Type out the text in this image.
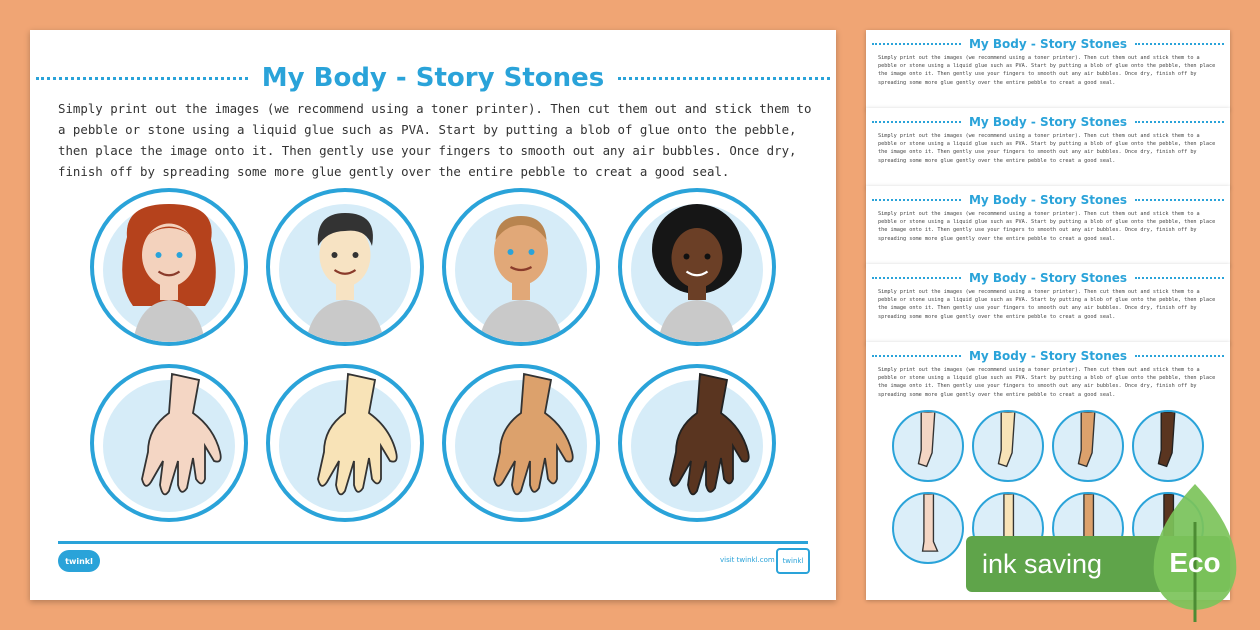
My Body - Story Stones
Simply print out the images (we recommend using a toner printer). Then cut them out and stick them to a pebble or stone using a liquid glue such as PVA. Start by putting a blob of glue onto the pebble, then place the image onto it. Then gently use your fingers to smooth out any air bubbles. Once dry, finish off by spreading some more glue gently over the entire pebble to creat a good seal.
twinkl	visit twinkl.com	twinkl
My Body - Story Stones
Simply print out the images (we recommend using a toner printer). Then cut them out and stick them to a pebble or stone using a liquid glue such as PVA. Start by putting a blob of glue onto the pebble, then place the image onto it. Then gently use your fingers to smooth out any air bubbles. Once dry, finish off by spreading some more glue gently over the entire pebble to creat a good seal.
My Body - Story Stones
Simply print out the images (we recommend using a toner printer). Then cut them out and stick them to a pebble or stone using a liquid glue such as PVA. Start by putting a blob of glue onto the pebble, then place the image onto it. Then gently use your fingers to smooth out any air bubbles. Once dry, finish off by spreading some more glue gently over the entire pebble to creat a good seal.
My Body - Story Stones
Simply print out the images (we recommend using a toner printer). Then cut them out and stick them to a pebble or stone using a liquid glue such as PVA. Start by putting a blob of glue onto the pebble, then place the image onto it. Then gently use your fingers to smooth out any air bubbles. Once dry, finish off by spreading some more glue gently over the entire pebble to creat a good seal.
My Body - Story Stones
Simply print out the images (we recommend using a toner printer). Then cut them out and stick them to a pebble or stone using a liquid glue such as PVA. Start by putting a blob of glue onto the pebble, then place the image onto it. Then gently use your fingers to smooth out any air bubbles. Once dry, finish off by spreading some more glue gently over the entire pebble to creat a good seal.
My Body - Story Stones
Simply print out the images (we recommend using a toner printer). Then cut them out and stick them to a pebble or stone using a liquid glue such as PVA. Start by putting a blob of glue onto the pebble, then place the image onto it. Then gently use your fingers to smooth out any air bubbles. Once dry, finish off by spreading some more glue gently over the entire pebble to creat a good seal.
ink saving Eco
